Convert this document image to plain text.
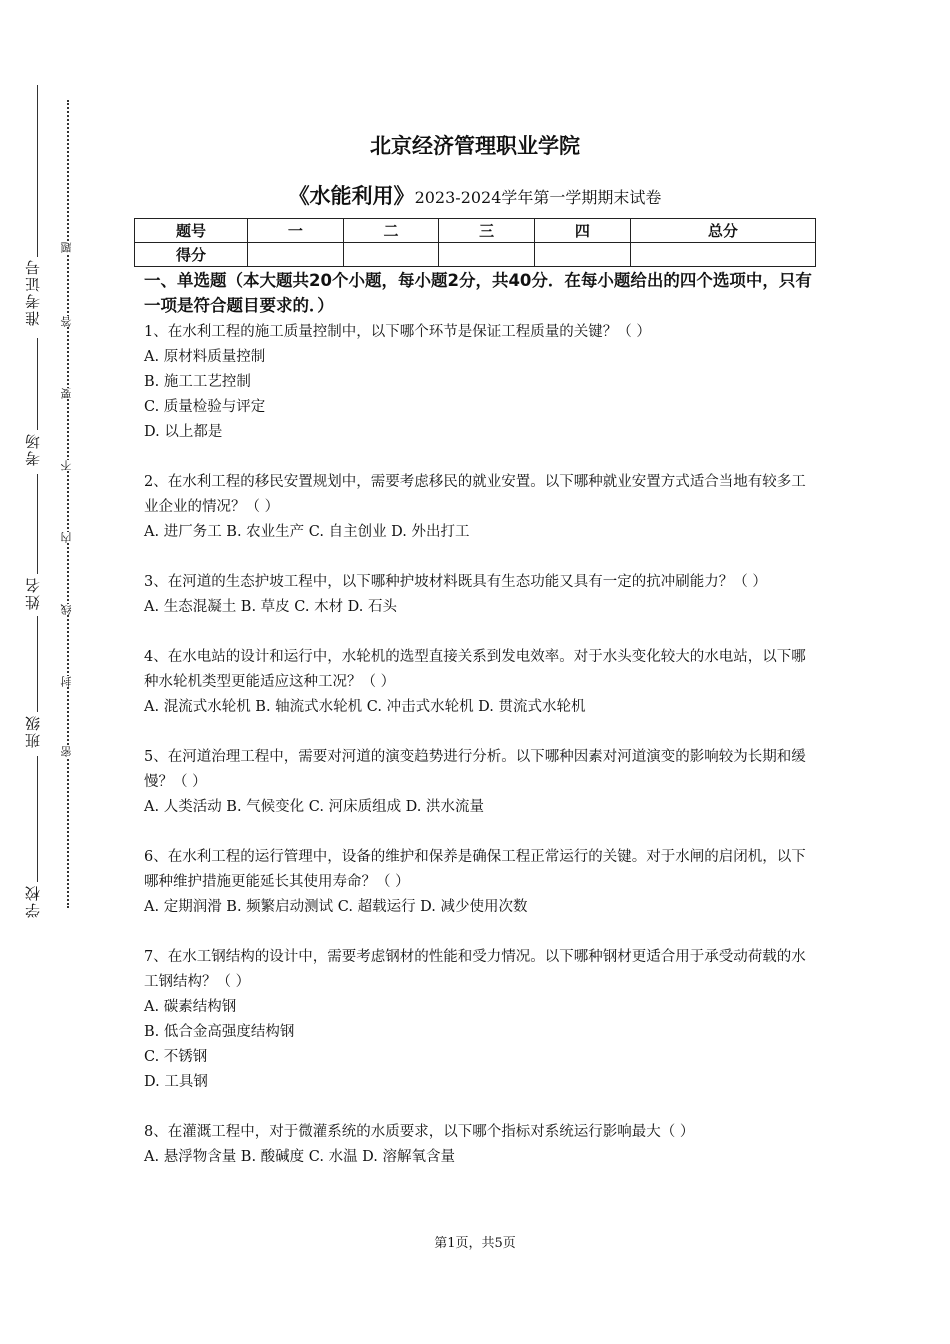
准考证号
考场
姓名
班级
学校
题
答
要
不
内
线
封
密
北京经济管理职业学院
《水能利用》2023-2024学年第一学期期末试卷
题号	一	二	三	四	总分
得分					

一、单选题（本大题共20个小题，每小题2分，共40分．在每小题给出的四个选项中，只有一项是符合题目要求的．）

1、在水利工程的施工质量控制中，以下哪个环节是保证工程质量的关键？（ ）

A. 原材料质量控制

B. 施工工艺控制

C. 质量检验与评定

D. 以上都是

2、在水利工程的移民安置规划中，需要考虑移民的就业安置。以下哪种就业安置方式适合当地有较多工业企业的情况？（ ）

A. 进厂务工 B. 农业生产 C. 自主创业 D. 外出打工

3、在河道的生态护坡工程中，以下哪种护坡材料既具有生态功能又具有一定的抗冲刷能力？（ ）

A. 生态混凝土 B. 草皮 C. 木材 D. 石头

4、在水电站的设计和运行中，水轮机的选型直接关系到发电效率。对于水头变化较大的水电站，以下哪种水轮机类型更能适应这种工况？（ ）

A. 混流式水轮机 B. 轴流式水轮机 C. 冲击式水轮机 D. 贯流式水轮机

5、在河道治理工程中，需要对河道的演变趋势进行分析。以下哪种因素对河道演变的影响较为长期和缓慢？（ ）

A. 人类活动 B. 气候变化 C. 河床质组成 D. 洪水流量

6、在水利工程的运行管理中，设备的维护和保养是确保工程正常运行的关键。对于水闸的启闭机，以下哪种维护措施更能延长其使用寿命？（ ）

A. 定期润滑 B. 频繁启动测试 C. 超载运行 D. 减少使用次数

7、在水工钢结构的设计中，需要考虑钢材的性能和受力情况。以下哪种钢材更适合用于承受动荷载的水工钢结构？（ ）

A. 碳素结构钢

B. 低合金高强度结构钢

C. 不锈钢

D. 工具钢

8、在灌溉工程中，对于微灌系统的水质要求，以下哪个指标对系统运行影响最大（ ）

A. 悬浮物含量 B. 酸碱度 C. 水温 D. 溶解氧含量

第1页，共5页
